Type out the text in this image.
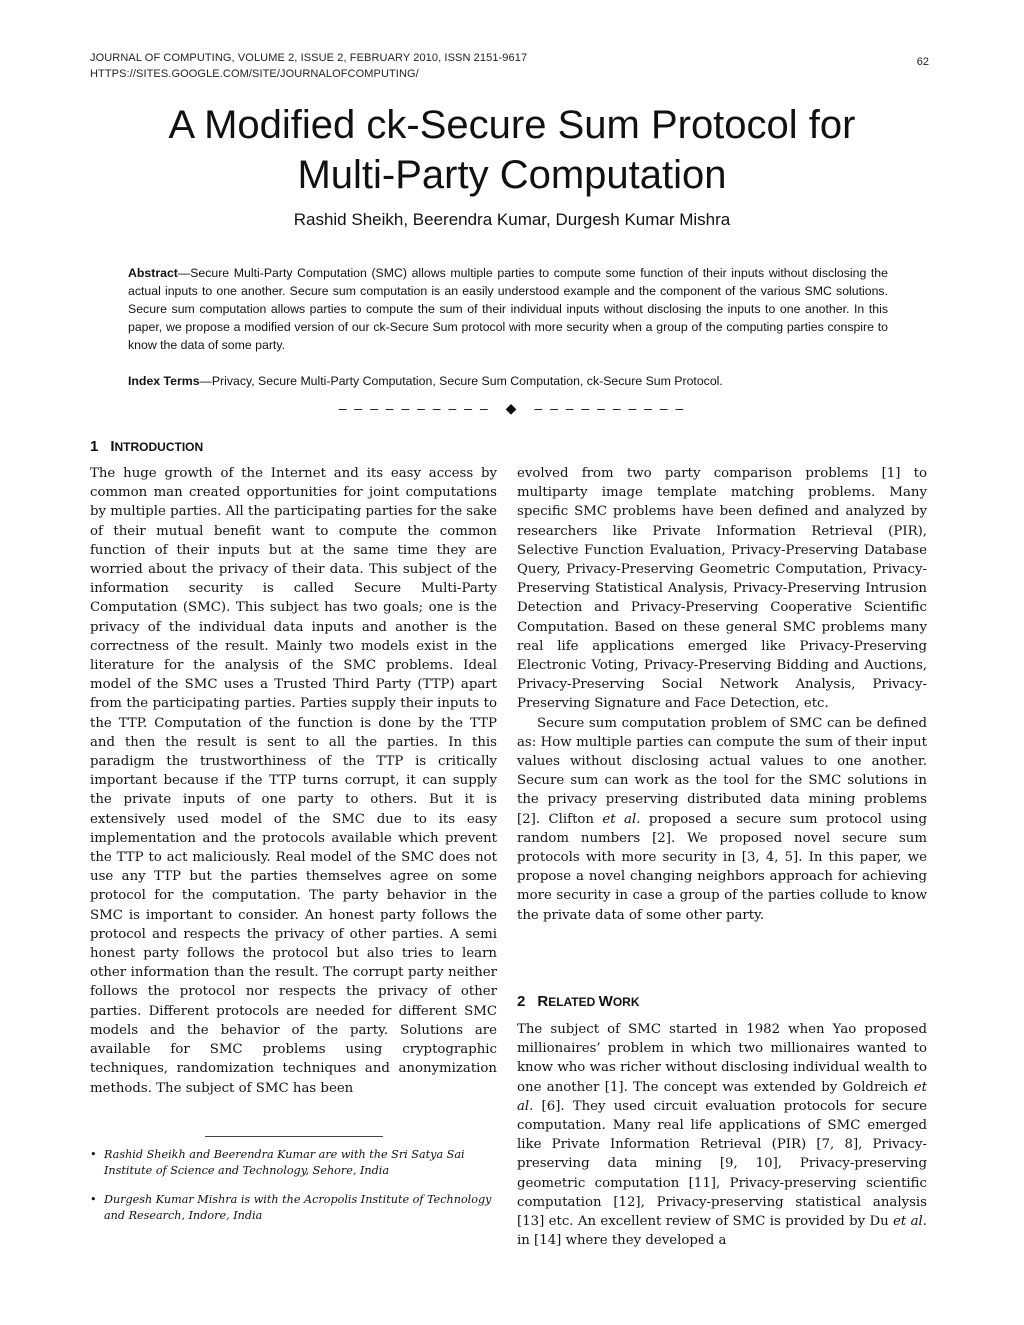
JOURNAL OF COMPUTING, VOLUME 2, ISSUE 2, FEBRUARY 2010, ISSN 2151-9617
HTTPS://SITES.GOOGLE.COM/SITE/JOURNALOFCOMPUTING/
62
A Modified ck-Secure Sum Protocol for
Multi-Party Computation
Rashid Sheikh, Beerendra Kumar, Durgesh Kumar Mishra
Abstract—Secure Multi-Party Computation (SMC) allows multiple parties to compute some function of their inputs without disclosing the actual inputs to one another. Secure sum computation is an easily understood example and the component of the various SMC solutions. Secure sum computation allows parties to compute the sum of their individual inputs without disclosing the inputs to one another. In this paper, we propose a modified version of our ck-Secure Sum protocol with more security when a group of the computing parties conspire to know the data of some party.
Index Terms—Privacy, Secure Multi-Party Computation, Secure Sum Computation, ck-Secure Sum Protocol.
– – – – – – – – – – ◆ – – – – – – – – – –
1 INTRODUCTION

The huge growth of the Internet and its easy access by common man created opportunities for joint computations by multiple parties. All the participating parties for the sake of their mutual benefit want to compute the common function of their inputs but at the same time they are worried about the privacy of their data. This subject of the information security is called Secure Multi-Party Computation (SMC). This subject has two goals; one is the privacy of the individual data inputs and another is the correctness of the result. Mainly two models exist in the literature for the analysis of the SMC problems. Ideal model of the SMC uses a Trusted Third Party (TTP) apart from the participating parties. Parties supply their inputs to the TTP. Computation of the function is done by the TTP and then the result is sent to all the parties. In this paradigm the trustworthiness of the TTP is critically important because if the TTP turns corrupt, it can supply the private inputs of one party to others. But it is extensively used model of the SMC due to its easy implementation and the protocols available which prevent the TTP to act maliciously. Real model of the SMC does not use any TTP but the parties themselves agree on some protocol for the computation. The party behavior in the SMC is important to consider. An honest party follows the protocol and respects the privacy of other parties. A semi honest party follows the protocol but also tries to learn other information than the result. The corrupt party neither follows the protocol nor respects the privacy of other parties. Different protocols are needed for different SMC models and the behavior of the party. Solutions are available for SMC problems using cryptographic techniques, randomization techniques and anonymization methods. The subject of SMC has been

evolved from two party comparison problems [1] to multiparty image template matching problems. Many specific SMC problems have been defined and analyzed by researchers like Private Information Retrieval (PIR), Selective Function Evaluation, Privacy-Preserving Database Query, Privacy-Preserving Geometric Computation, Privacy-Preserving Statistical Analysis, Privacy-Preserving Intrusion Detection and Privacy-Preserving Cooperative Scientific Computation. Based on these general SMC problems many real life applications emerged like Privacy-Preserving Electronic Voting, Privacy-Preserving Bidding and Auctions, Privacy-Preserving Social Network Analysis, Privacy-Preserving Signature and Face Detection, etc.

Secure sum computation problem of SMC can be defined as: How multiple parties can compute the sum of their input values without disclosing actual values to one another. Secure sum can work as the tool for the SMC solutions in the privacy preserving distributed data mining problems [2]. Clifton et al. proposed a secure sum protocol using random numbers [2]. We proposed novel secure sum protocols with more security in [3, 4, 5]. In this paper, we propose a novel changing neighbors approach for achieving more security in case a group of the parties collude to know the private data of some other party.

2 RELATED WORK

The subject of SMC started in 1982 when Yao proposed millionaires’ problem in which two millionaires wanted to know who was richer without disclosing individual wealth to one another [1]. The concept was extended by Goldreich et al. [6]. They used circuit evaluation protocols for secure computation. Many real life applications of SMC emerged like Private Information Retrieval (PIR) [7, 8], Privacy-preserving data mining [9, 10], Privacy-preserving geometric computation [11], Privacy-preserving scientific computation [12], Privacy-preserving statistical analysis [13] etc. An excellent review of SMC is provided by Du et al. in [14] where they developed a

• Rashid Sheikh and Beerendra Kumar are with the Sri Satya Sai Institute of Science and Technology, Sehore, India
• Durgesh Kumar Mishra is with the Acropolis Institute of Technology and Research, Indore, India
